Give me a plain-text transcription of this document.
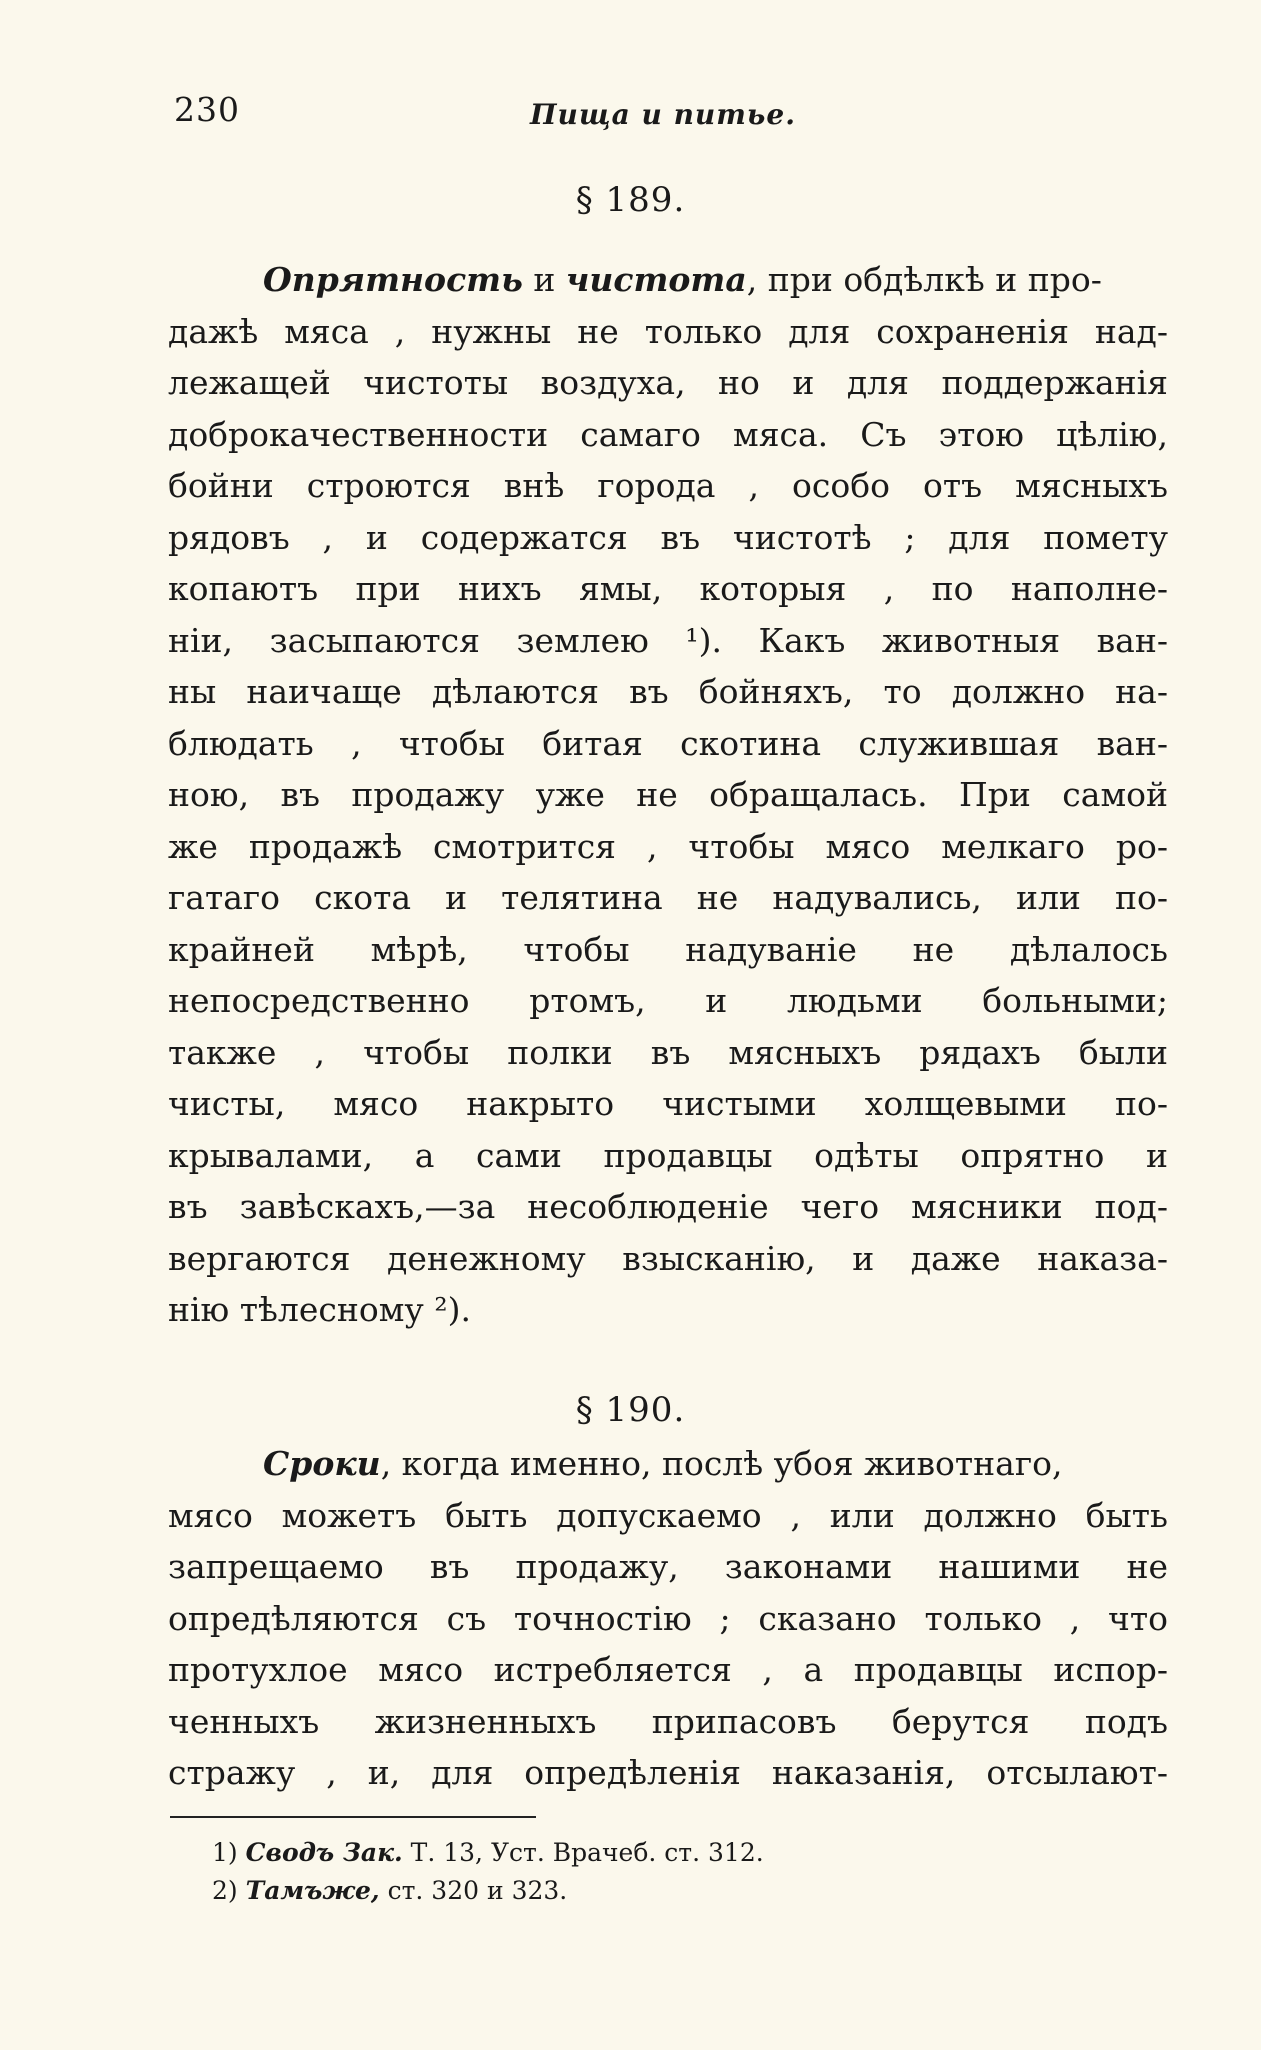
230	Пища и питье.
§ 189.
Опрятность и чистота, при обдѣлкѣ и про-
дажѣ мяса , нужны не только для сохраненія над-
лежащей чистоты воздуха, но и для поддержанія
доброкачественности самаго мяса. Съ этою цѣлію,
бойни строются внѣ города , особо отъ мясныхъ
рядовъ , и содержатся въ чистотѣ ; для помету
копаютъ при нихъ ямы, которыя , по наполне-
ніи, засыпаются землею ¹). Какъ животныя ван-
ны наичаще дѣлаются въ бойняхъ, то должно на-
блюдать , чтобы битая скотина служившая ван-
ною, въ продажу уже не обращалась. При самой
же продажѣ смотрится , чтобы мясо мелкаго ро-
гатаго скота и телятина не надувались, или по-
крайней мѣрѣ, чтобы надуваніе не дѣлалось
непосредственно ртомъ, и людьми больными;
также , чтобы полки въ мясныхъ рядахъ были
чисты, мясо накрыто чистыми холщевыми по-
крывалами, а сами продавцы одѣты опрятно и
въ завѣскахъ,—за несоблюденіе чего мясники под-
вергаются денежному взысканію, и даже наказа-
нію тѣлесному ²).
§ 190.
Сроки, когда именно, послѣ убоя животнаго,
мясо можетъ быть допускаемо , или должно быть
запрещаемо въ продажу, законами нашими не
опредѣляются съ точностію ; сказано только , что
протухлое мясо истребляется , а продавцы испор-
ченныхъ жизненныхъ припасовъ берутся подъ
стражу , и, для опредѣленія наказанія, отсылают-
1) Сводъ Зак. Т. 13, Уст. Врачеб. ст. 312.
2) Тамъже, ст. 320 и 323.
